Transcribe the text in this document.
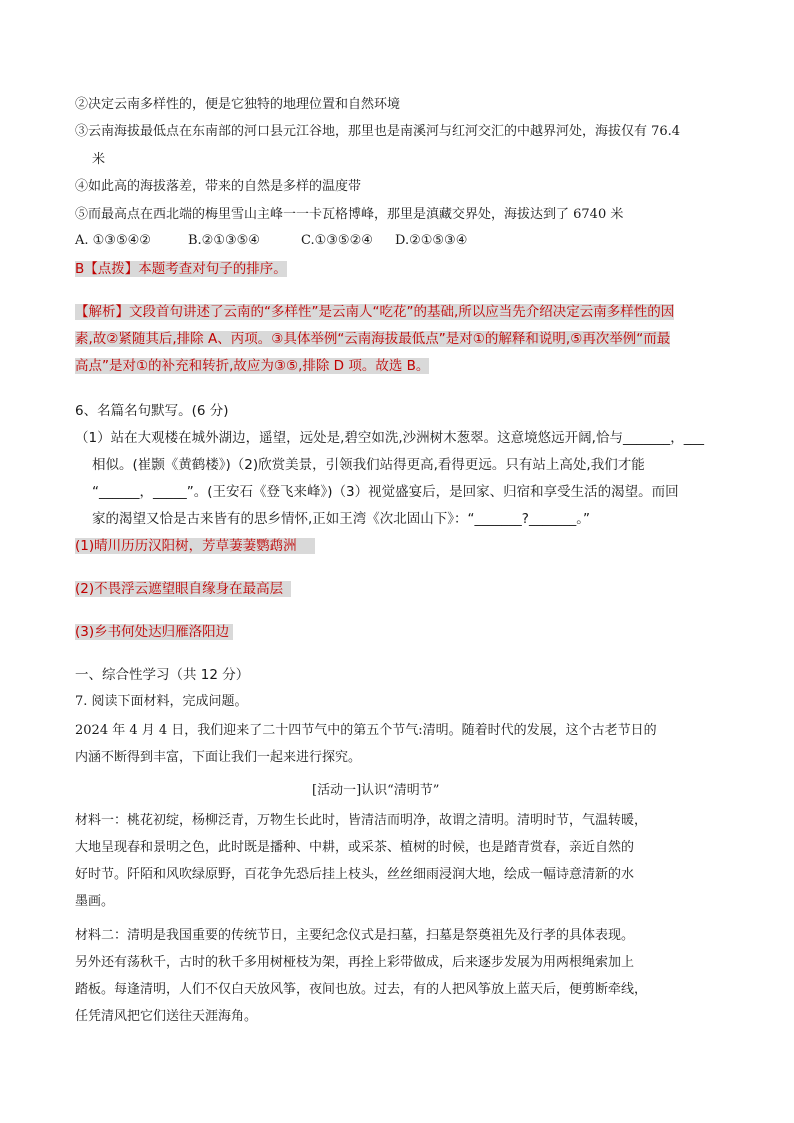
②决定云南多样性的，便是它独特的地理位置和自然环境
③云南海拔最低点在东南部的河口县元江谷地，那里也是南溪河与红河交汇的中越界河处，海拔仅有 76.4
米
④如此高的海拔落差，带来的自然是多样的温度带
⑤而最高点在西北端的梅里雪山主峰一一卡瓦格博峰，那里是滇藏交界处，海拔达到了 6740 米
A. ①③⑤④②	B.②①③⑤④	C.①③⑤②④ D.②①⑤③④
B【点拨】本题考查对句子的排序。
【解析】文段首句讲述了云南的“多样性”是云南人“吃花”的基础,所以应当先介绍决定云南多样性的因
素,故②紧随其后,排除 A、丙项。③具体举例“云南海拔最低点”是对①的解释和说明,⑤再次举例“而最
高点”是对①的补充和转折,故应为③⑤,排除 D 项。故选 B。
6、名篇名句默写。(6 分)
（1）站在大观楼在城外湖边，遥望，远处是,碧空如洗,沙洲树木葱翠。这意境悠远开阔,恰与_______，___
相似。(崔颢《黄鹤楼》)（2)欣赏美景，引领我们站得更高,看得更远。只有站上高处,我们才能
“______，_____”。(王安石《登飞来峰》)（3）视觉盛宴后，是回家、归宿和享受生活的渴望。而回
家的渴望又恰是古来皆有的思乡情怀,正如王湾《次北固山下》：“_______?_______。”
(1)晴川历历汉阳树，芳草萋萋鹦鹉洲
(2)不畏浮云遮望眼自缘身在最高层
(3)乡书何处达归雁洛阳边
一、综合性学习（共 12 分）
7. 阅读下面材料，完成问题。
2024 年 4 月 4 日，我们迎来了二十四节气中的第五个节气:清明。随着时代的发展，这个古老节日的
内涵不断得到丰富，下面让我们一起来进行探究。
[活动一]认识“清明节”
材料一：桃花初绽，杨柳泛青，万物生长此时，皆清洁而明净，故谓之清明。清明时节，气温转暖，
大地呈现春和景明之色，此时既是播种、中耕，或采茶、植树的时候，也是踏青赏春，亲近自然的
好时节。阡陌和风吹绿原野，百花争先恐后挂上枝头，丝丝细雨浸润大地，绘成一幅诗意清新的水
墨画。
材料二：清明是我国重要的传统节日，主要纪念仪式是扫墓，扫墓是祭奠祖先及行孝的具体表现。
另外还有荡秋千，古时的秋千多用树桠枝为架，再拴上彩带做成，后来逐步发展为用两根绳索加上
踏板。每逢清明，人们不仅白天放风筝，夜间也放。过去，有的人把风筝放上蓝天后，便剪断牵线，
任凭清风把它们送往天涯海角。
